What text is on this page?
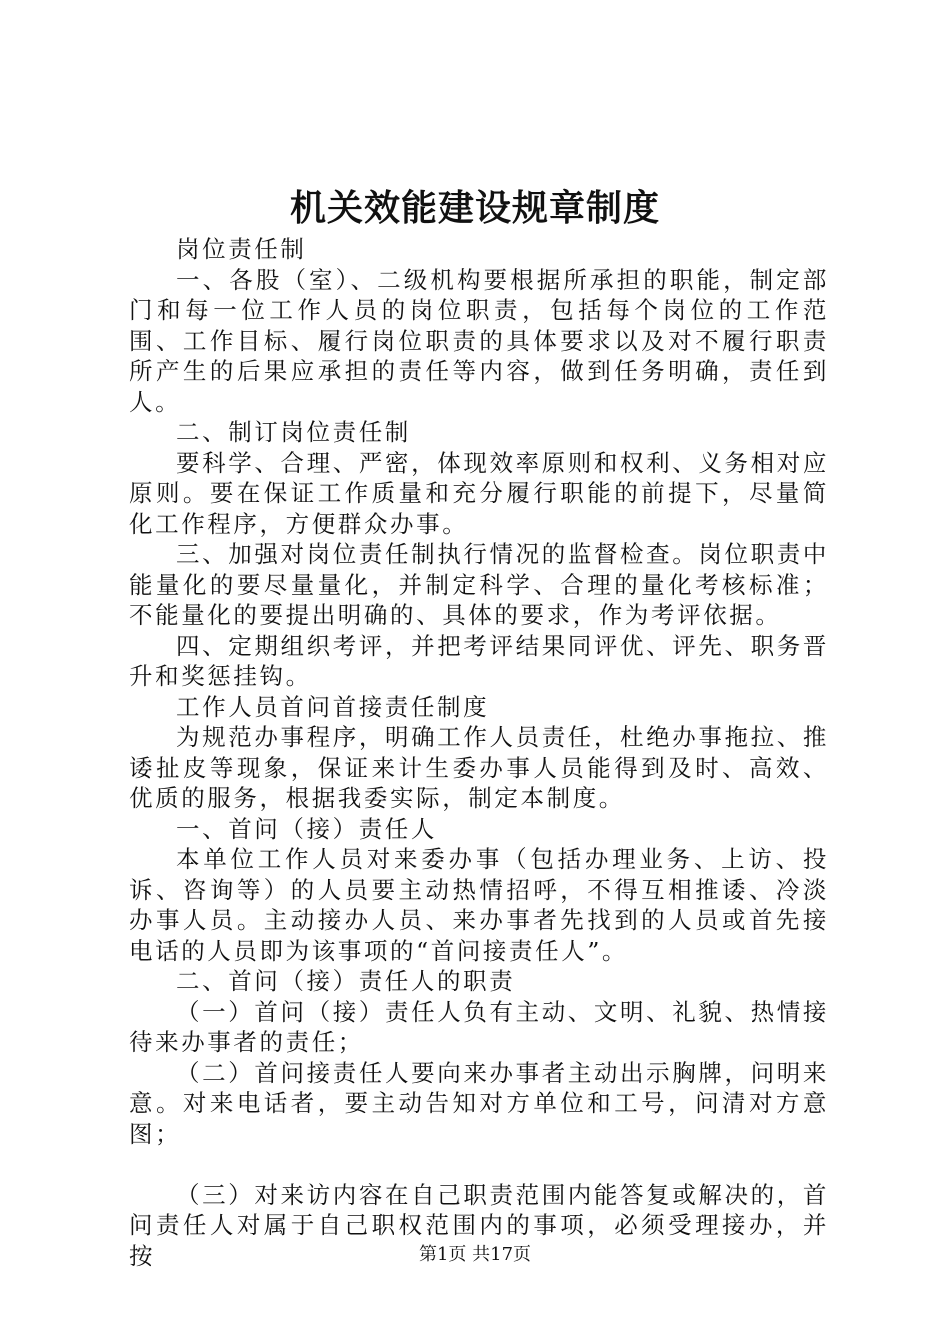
机关效能建设规章制度

岗位责任制

一、各股（室）、二级机构要根据所承担的职能，制定部门和每一位工作人员的岗位职责，包括每个岗位的工作范围、工作目标、履行岗位职责的具体要求以及对不履行职责所产生的后果应承担的责任等内容，做到任务明确，责任到人。

二、制订岗位责任制

要科学、合理、严密，体现效率原则和权利、义务相对应原则。要在保证工作质量和充分履行职能的前提下，尽量简化工作程序，方便群众办事。

三、加强对岗位责任制执行情况的监督检查。岗位职责中能量化的要尽量量化，并制定科学、合理的量化考核标准；不能量化的要提出明确的、具体的要求，作为考评依据。

四、定期组织考评，并把考评结果同评优、评先、职务晋升和奖惩挂钩。

工作人员首问首接责任制度

为规范办事程序，明确工作人员责任，杜绝办事拖拉、推诿扯皮等现象，保证来计生委办事人员能得到及时、高效、优质的服务，根据我委实际，制定本制度。

一、首问（接）责任人

本单位工作人员对来委办事（包括办理业务、上访、投诉、咨询等）的人员要主动热情招呼，不得互相推诿、冷淡办事人员。主动接办人员、来办事者先找到的人员或首先接电话的人员即为该事项的“首问接责任人”。

二、首问（接）责任人的职责

（一）首问（接）责任人负有主动、文明、礼貌、热情接待来办事者的责任；

（二）首问接责任人要向来办事者主动出示胸牌，问明来意。对来电话者，要主动告知对方单位和工号，问清对方意图；

（三）对来访内容在自己职责范围内能答复或解决的，首问责任人对属于自己职权范围内的事项，必须受理接办，并按	第1页 共17页
